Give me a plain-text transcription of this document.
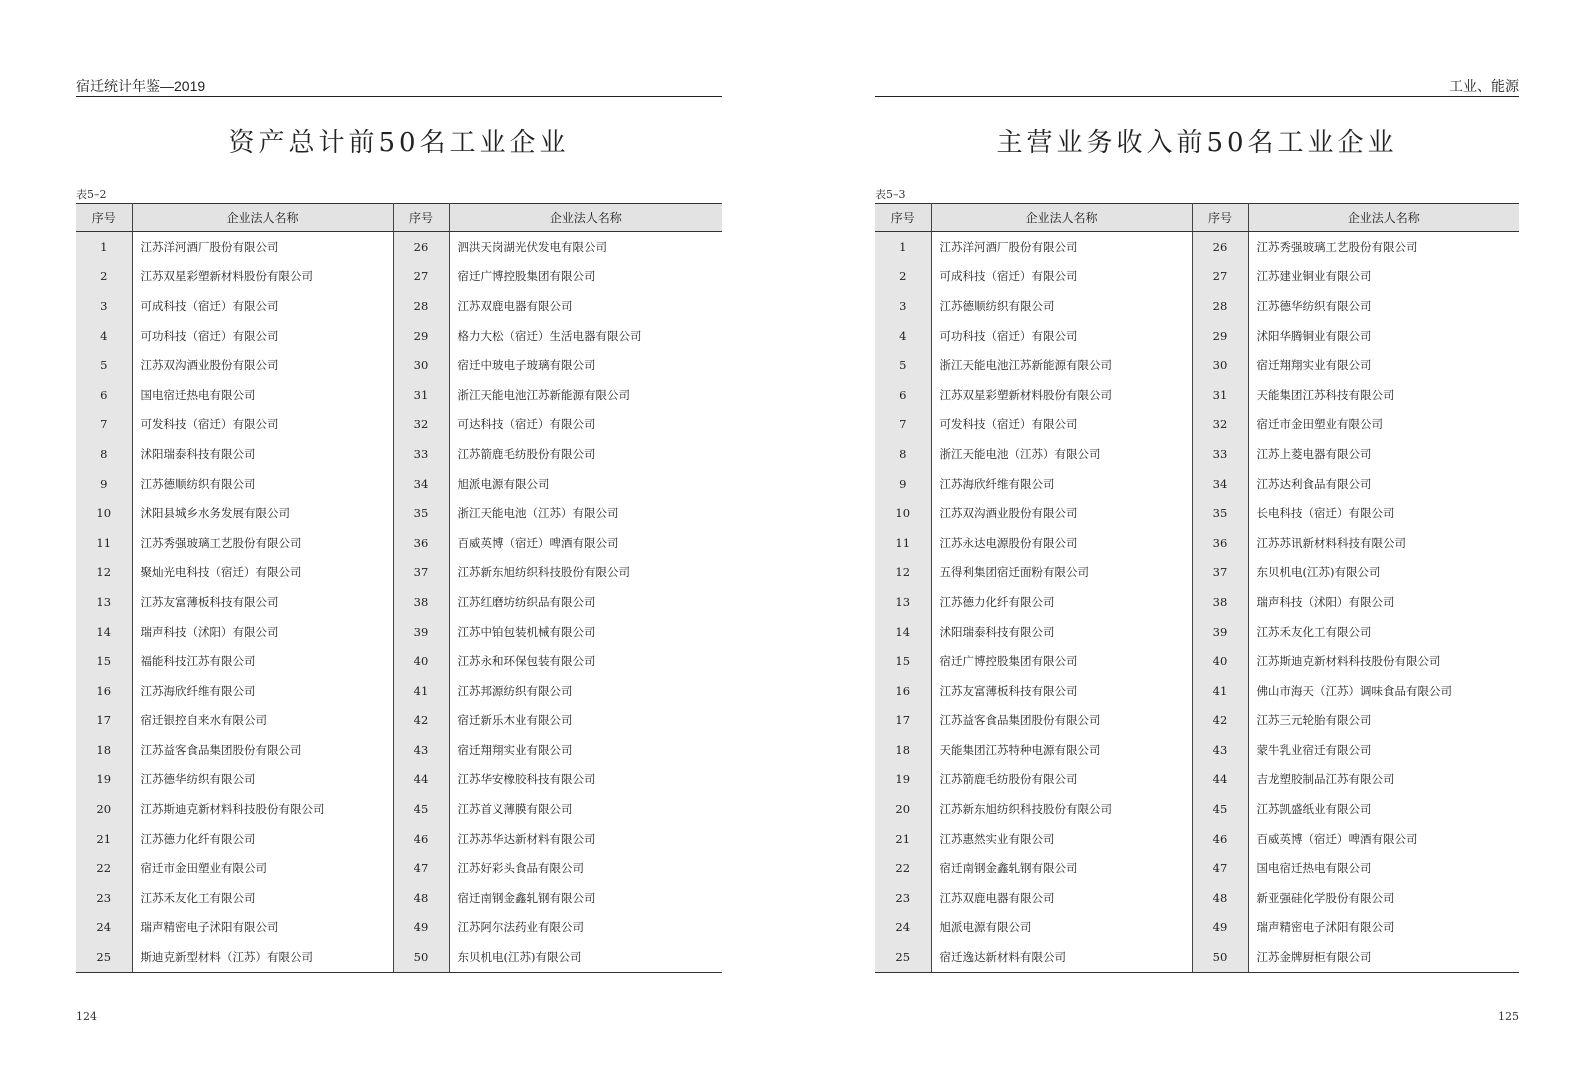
宿迁统计年鉴—2019
资产总计前50名工业企业
表5–2
序号	企业法人名称	序号	企业法人名称
1	江苏洋河酒厂股份有限公司	26	泗洪天岗湖光伏发电有限公司
2	江苏双星彩塑新材料股份有限公司	27	宿迁广博控股集团有限公司
3	可成科技（宿迁）有限公司	28	江苏双鹿电器有限公司
4	可功科技（宿迁）有限公司	29	格力大松（宿迁）生活电器有限公司
5	江苏双沟酒业股份有限公司	30	宿迁中玻电子玻璃有限公司
6	国电宿迁热电有限公司	31	浙江天能电池江苏新能源有限公司
7	可发科技（宿迁）有限公司	32	可达科技（宿迁）有限公司
8	沭阳瑞泰科技有限公司	33	江苏箭鹿毛纺股份有限公司
9	江苏德顺纺织有限公司	34	旭派电源有限公司
10	沭阳县城乡水务发展有限公司	35	浙江天能电池（江苏）有限公司
11	江苏秀强玻璃工艺股份有限公司	36	百威英博（宿迁）啤酒有限公司
12	聚灿光电科技（宿迁）有限公司	37	江苏新东旭纺织科技股份有限公司
13	江苏友富薄板科技有限公司	38	江苏红磨坊纺织品有限公司
14	瑞声科技（沭阳）有限公司	39	江苏中铂包装机械有限公司
15	福能科技江苏有限公司	40	江苏永和环保包装有限公司
16	江苏海欣纤维有限公司	41	江苏邦源纺织有限公司
17	宿迁银控自来水有限公司	42	宿迁新乐木业有限公司
18	江苏益客食品集团股份有限公司	43	宿迁翔翔实业有限公司
19	江苏德华纺织有限公司	44	江苏华安橡胶科技有限公司
20	江苏斯迪克新材料科技股份有限公司	45	江苏首义薄膜有限公司
21	江苏德力化纤有限公司	46	江苏苏华达新材料有限公司
22	宿迁市金田塑业有限公司	47	江苏好彩头食品有限公司
23	江苏禾友化工有限公司	48	宿迁南钢金鑫轧钢有限公司
24	瑞声精密电子沭阳有限公司	49	江苏阿尔法药业有限公司
25	斯迪克新型材料（江苏）有限公司	50	东贝机电(江苏)有限公司
124
工业、能源
主营业务收入前50名工业企业
表5–3
序号	企业法人名称	序号	企业法人名称
1	江苏洋河酒厂股份有限公司	26	江苏秀强玻璃工艺股份有限公司
2	可成科技（宿迁）有限公司	27	江苏建业铜业有限公司
3	江苏德顺纺织有限公司	28	江苏德华纺织有限公司
4	可功科技（宿迁）有限公司	29	沭阳华腾铜业有限公司
5	浙江天能电池江苏新能源有限公司	30	宿迁翔翔实业有限公司
6	江苏双星彩塑新材料股份有限公司	31	天能集团江苏科技有限公司
7	可发科技（宿迁）有限公司	32	宿迁市金田塑业有限公司
8	浙江天能电池（江苏）有限公司	33	江苏上菱电器有限公司
9	江苏海欣纤维有限公司	34	江苏达利食品有限公司
10	江苏双沟酒业股份有限公司	35	长电科技（宿迁）有限公司
11	江苏永达电源股份有限公司	36	江苏苏讯新材料科技有限公司
12	五得利集团宿迁面粉有限公司	37	东贝机电(江苏)有限公司
13	江苏德力化纤有限公司	38	瑞声科技（沭阳）有限公司
14	沭阳瑞泰科技有限公司	39	江苏禾友化工有限公司
15	宿迁广博控股集团有限公司	40	江苏斯迪克新材料科技股份有限公司
16	江苏友富薄板科技有限公司	41	佛山市海天（江苏）调味食品有限公司
17	江苏益客食品集团股份有限公司	42	江苏三元轮胎有限公司
18	天能集团江苏特种电源有限公司	43	蒙牛乳业宿迁有限公司
19	江苏箭鹿毛纺股份有限公司	44	吉龙塑胶制品江苏有限公司
20	江苏新东旭纺织科技股份有限公司	45	江苏凯盛纸业有限公司
21	江苏惠然实业有限公司	46	百威英博（宿迁）啤酒有限公司
22	宿迁南钢金鑫轧钢有限公司	47	国电宿迁热电有限公司
23	江苏双鹿电器有限公司	48	新亚强硅化学股份有限公司
24	旭派电源有限公司	49	瑞声精密电子沭阳有限公司
25	宿迁逸达新材料有限公司	50	江苏金牌厨柜有限公司
125
